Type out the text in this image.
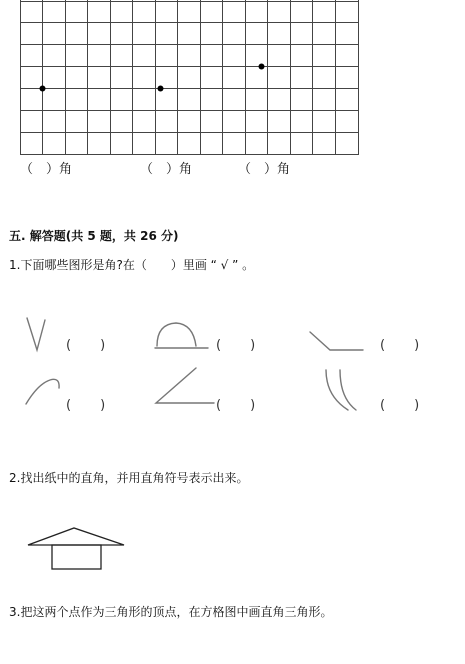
（　）角	（　）角	（　）角
五. 解答题(共 5 题，共 26 分)
1.下面哪些图形是角?在（　　）里画 “ √ ” 。
(　　)	(　　)	(　　)
(　　)	(　　)	(　　)
2.找出纸中的直角，并用直角符号表示出来。
3.把这两个点作为三角形的顶点，在方格图中画直角三角形。
